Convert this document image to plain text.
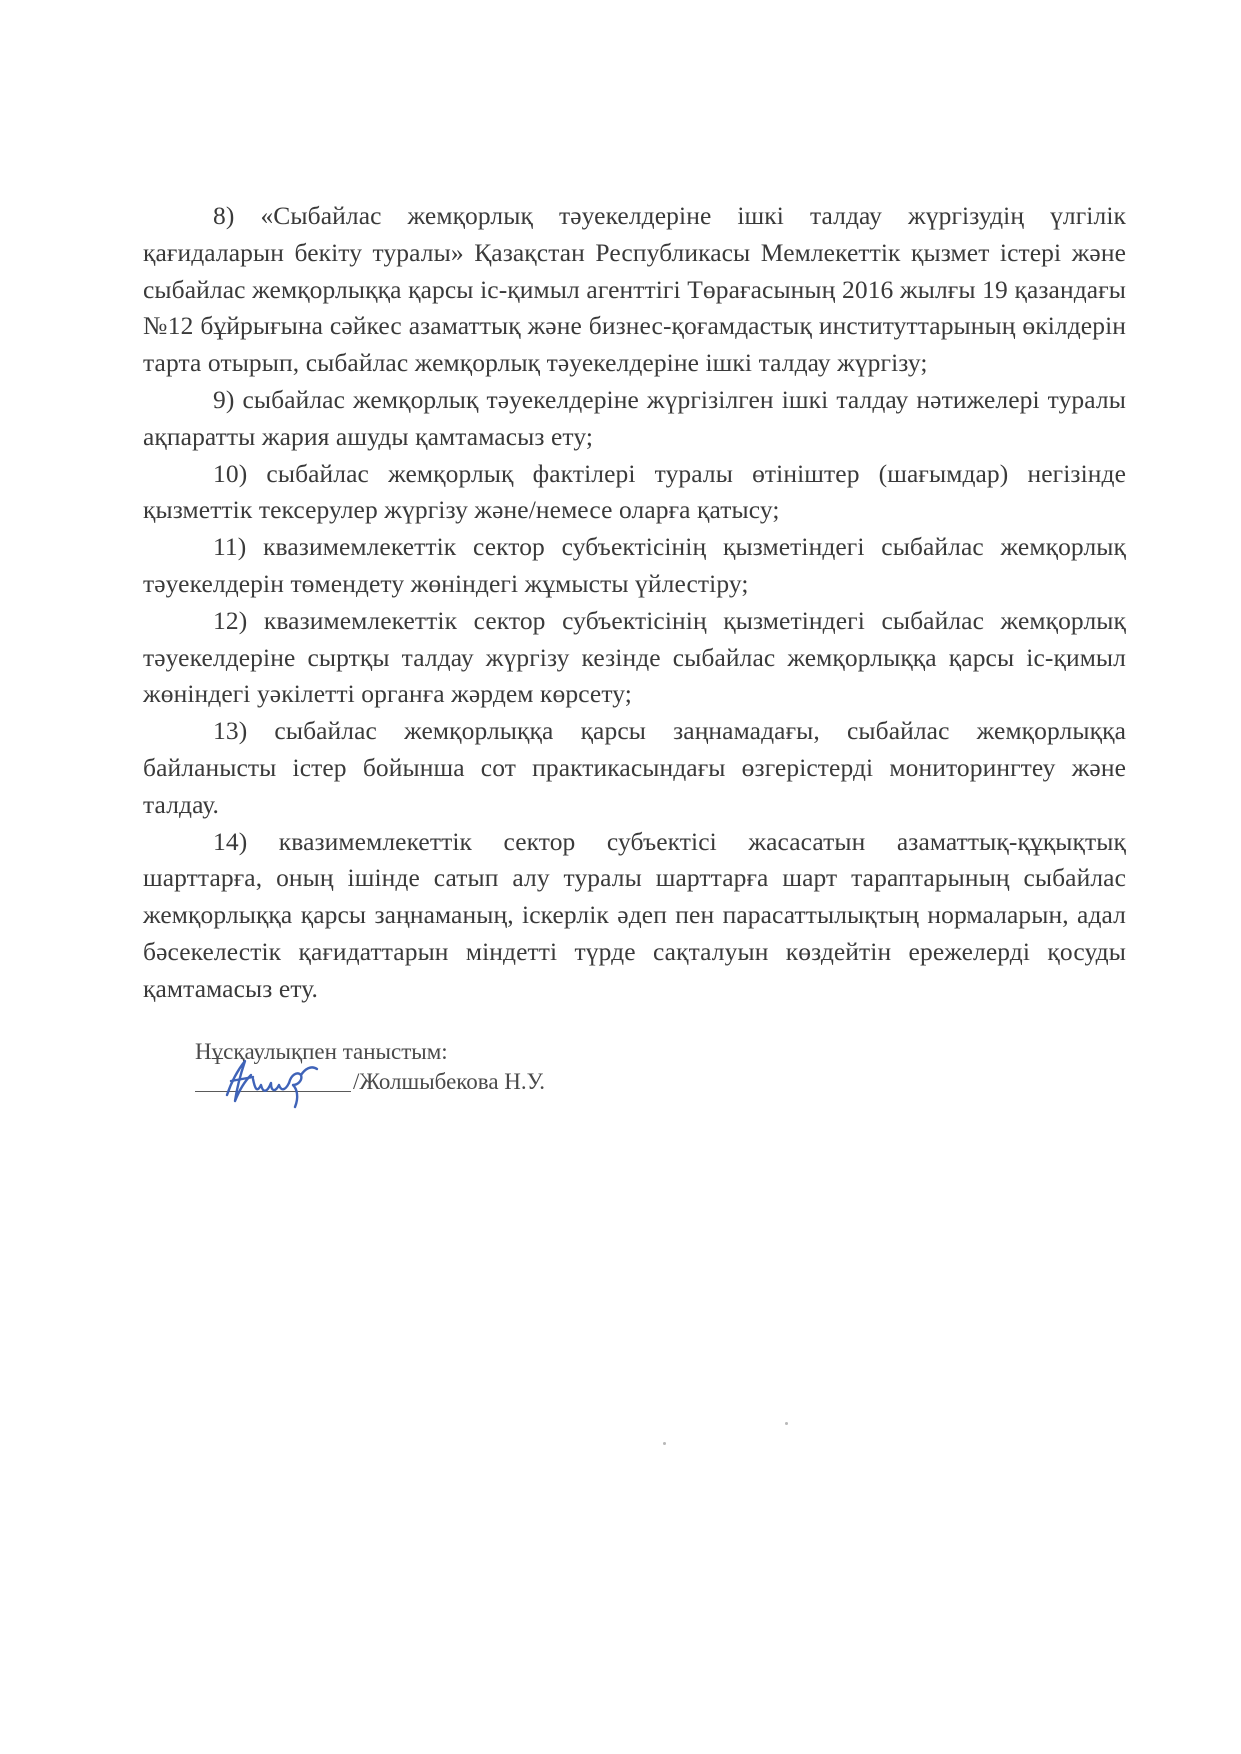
8) «Сыбайлас жемқорлық тәуекелдеріне ішкі талдау жүргізудің үлгілік қағидаларын бекіту туралы» Қазақстан Республикасы Мемлекеттік қызмет істері және сыбайлас жемқорлыққа қарсы іс-қимыл агенттігі Төрағасының 2016 жылғы 19 қазандағы №12 бұйрығына сәйкес азаматтық және бизнес-қоғамдастық институттарының өкілдерін тарта отырып, сыбайлас жемқорлық тәуекелдеріне ішкі талдау жүргізу;

9) сыбайлас жемқорлық тәуекелдеріне жүргізілген ішкі талдау нәтижелері туралы ақпаратты жария ашуды қамтамасыз ету;

10) сыбайлас жемқорлық фактілері туралы өтініштер (шағымдар) негізінде қызметтік тексерулер жүргізу және/немесе оларға қатысу;

11) квазимемлекеттік сектор субъектісінің қызметіндегі сыбайлас жемқорлық тәуекелдерін төмендету жөніндегі жұмысты үйлестіру;

12) квазимемлекеттік сектор субъектісінің қызметіндегі сыбайлас жемқорлық тәуекелдеріне сыртқы талдау жүргізу кезінде сыбайлас жемқорлыққа қарсы іс-қимыл жөніндегі уәкілетті органға жәрдем көрсету;

13) сыбайлас жемқорлыққа қарсы заңнамадағы, сыбайлас жемқорлыққа байланысты істер бойынша сот практикасындағы өзгерістерді мониторингтеу және талдау.

14) квазимемлекеттік сектор субъектісі жасасатын азаматтық-құқықтық шарттарға, оның ішінде сатып алу туралы шарттарға шарт тараптарының сыбайлас жемқорлыққа қарсы заңнаманың, іскерлік әдеп пен парасаттылықтың нормаларын, адал бәсекелестік қағидаттарын міндетті түрде сақталуын көздейтін ережелерді қосуды қамтамасыз ету.

Нұсқаулықпен таныстым:
/Жолшыбекова Н.У.
